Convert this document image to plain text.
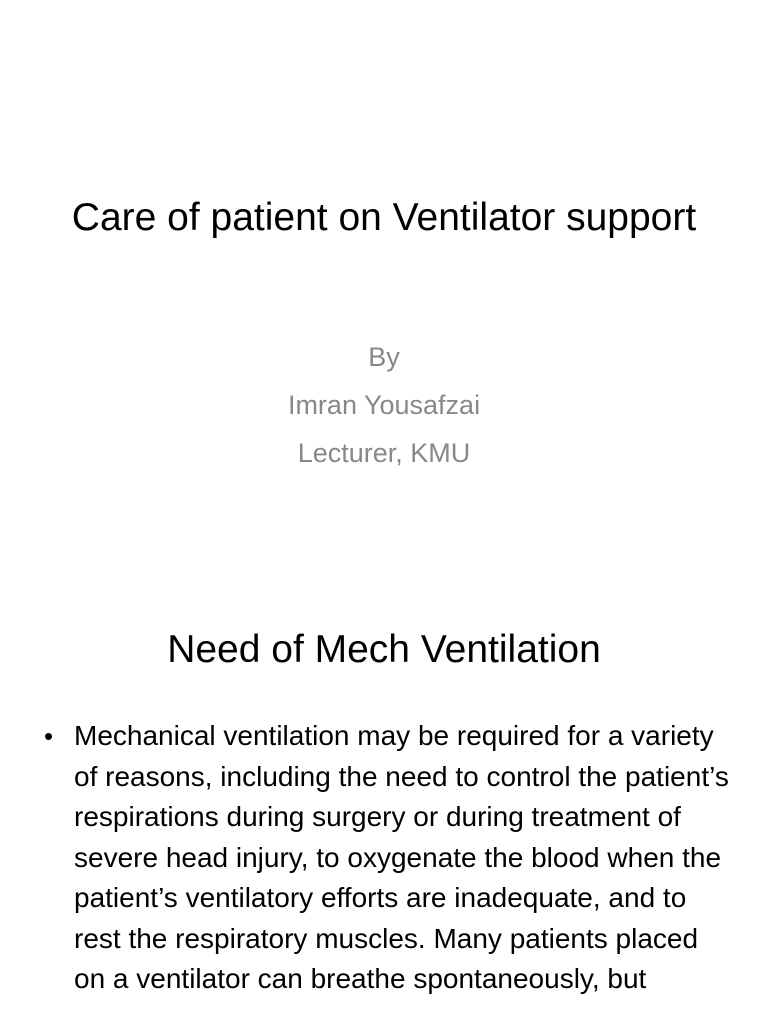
Care of patient on Ventilator support
By
Imran Yousafzai
Lecturer, KMU
Need of Mech Ventilation
• Mechanical ventilation may be required for a variety of reasons, including the need to control the patient’s respirations during surgery or during treatment of severe head injury, to oxygenate the blood when the patient’s ventilatory efforts are inadequate, and to rest the respiratory muscles. Many patients placed on a ventilator can breathe spontaneously, but
